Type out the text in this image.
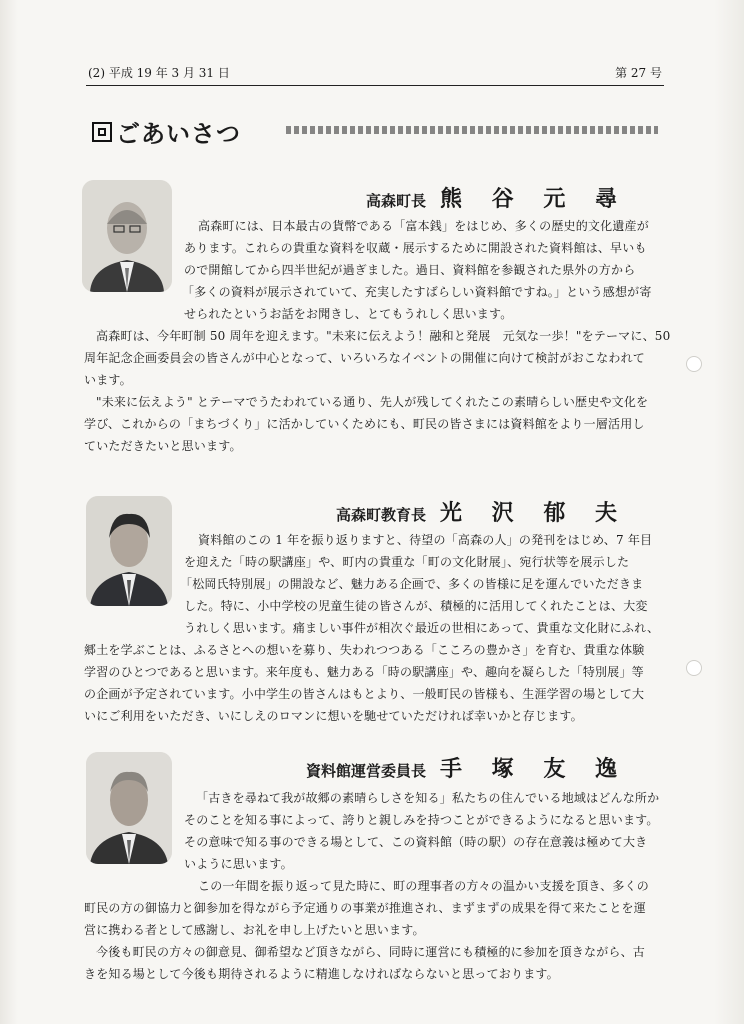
(2) 平成 19 年 3 月 31 日	第 27 号
ごあいさつ
高森町長 熊 谷 元 尋

高森町には、日本最古の貨幣である「富本銭」をはじめ、多くの歴史的文化遺産が

あります。これらの貴重な資料を収蔵・展示するために開設された資料館は、早いも

ので開館してから四半世紀が過ぎました。過日、資料館を参観された県外の方から

「多くの資料が展示されていて、充実したすばらしい資料館ですね。」という感想が寄

せられたというお話をお聞きし、とてもうれしく思います。

高森町は、今年町制 50 周年を迎えます。"未来に伝えよう！融和と発展　元気な一歩！"をテーマに、50

周年記念企画委員会の皆さんが中心となって、いろいろなイベントの開催に向けて検討がおこなわれて

います。

"未来に伝えよう" とテーマでうたわれている通り、先人が残してくれたこの素晴らしい歴史や文化を

学び、これからの「まちづくり」に活かしていくためにも、町民の皆さまには資料館をより一層活用し

ていただきたいと思います。

高森町教育長 光 沢 郁 夫

資料館のこの 1 年を振り返りますと、待望の「高森の人」の発刊をはじめ、7 年目

を迎えた「時の駅講座」や、町内の貴重な「町の文化財展」、宛行状等を展示した

「松岡氏特別展」の開設など、魅力ある企画で、多くの皆様に足を運んでいただきま

した。特に、小中学校の児童生徒の皆さんが、積極的に活用してくれたことは、大変

うれしく思います。痛ましい事件が相次ぐ最近の世相にあって、貴重な文化財にふれ、

郷土を学ぶことは、ふるさとへの想いを募り、失われつつある「こころの豊かさ」を育む、貴重な体験

学習のひとつであると思います。来年度も、魅力ある「時の駅講座」や、趣向を凝らした「特別展」等

の企画が予定されています。小中学生の皆さんはもとより、一般町民の皆様も、生涯学習の場として大

いにご利用をいただき、いにしえのロマンに想いを馳せていただければ幸いかと存じます。

資料館運営委員長 手 塚 友 逸

「古きを尋ねて我が故郷の素晴らしさを知る」私たちの住んでいる地域はどんな所か

そのことを知る事によって、誇りと親しみを持つことができるようになると思います。

その意味で知る事のできる場として、この資料館（時の駅）の存在意義は極めて大き

いように思います。

この一年間を振り返って見た時に、町の理事者の方々の温かい支援を頂き、多くの

町民の方の御協力と御参加を得ながら予定通りの事業が推進され、まずまずの成果を得て来たことを運

営に携わる者として感謝し、お礼を申し上げたいと思います。

今後も町民の方々の御意見、御希望など頂きながら、同時に運営にも積極的に参加を頂きながら、古

きを知る場として今後も期待されるように精進しなければならないと思っております。
